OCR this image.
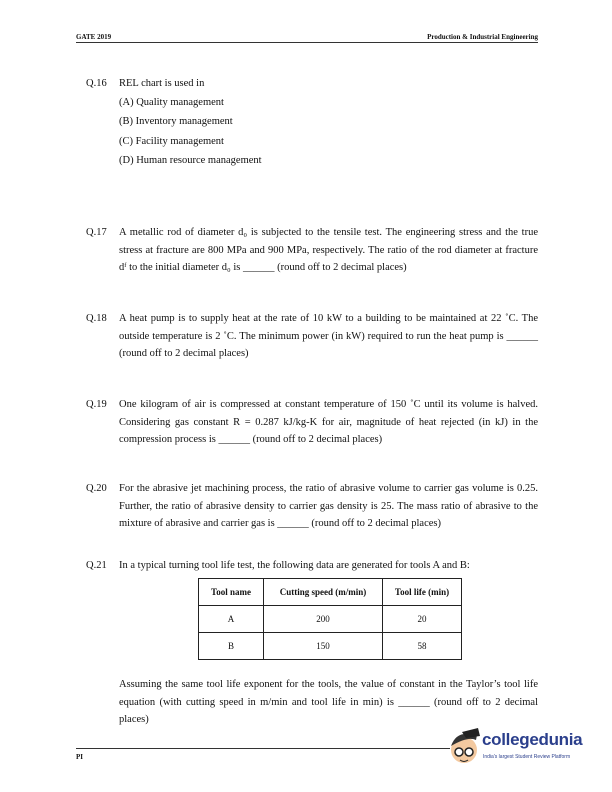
GATE 2019	Production & Industrial Engineering
Q.16 REL chart is used in
(A) Quality management
(B) Inventory management
(C) Facility management
(D) Human resource management
Q.17 A metallic rod of diameter d₀ is subjected to the tensile test. The engineering stress and the true stress at fracture are 800 MPa and 900 MPa, respectively. The ratio of the rod diameter at fracture dᶠ to the initial diameter d₀ is ______ (round off to 2 decimal places)
Q.18 A heat pump is to supply heat at the rate of 10 kW to a building to be maintained at 22 ˚C. The outside temperature is 2 ˚C. The minimum power (in kW) required to run the heat pump is ______ (round off to 2 decimal places)
Q.19 One kilogram of air is compressed at constant temperature of 150 ˚C until its volume is halved. Considering gas constant R = 0.287 kJ/kg-K for air, magnitude of heat rejected (in kJ) in the compression process is ______ (round off to 2 decimal places)
Q.20 For the abrasive jet machining process, the ratio of abrasive volume to carrier gas volume is 0.25. Further, the ratio of abrasive density to carrier gas density is 25. The mass ratio of abrasive to the mixture of abrasive and carrier gas is ______ (round off to 2 decimal places)
Q.21 In a typical turning tool life test, the following data are generated for tools A and B:
Tool name	Cutting speed (m/min)	Tool life (min)
A	200	20
B	150	58
Assuming the same tool life exponent for the tools, the value of constant in the Taylor’s tool life equation (with cutting speed in m/min and tool life in min) is ______ (round off to 2 decimal places)
PI
collegedunia
India's largest Student Review Platform
